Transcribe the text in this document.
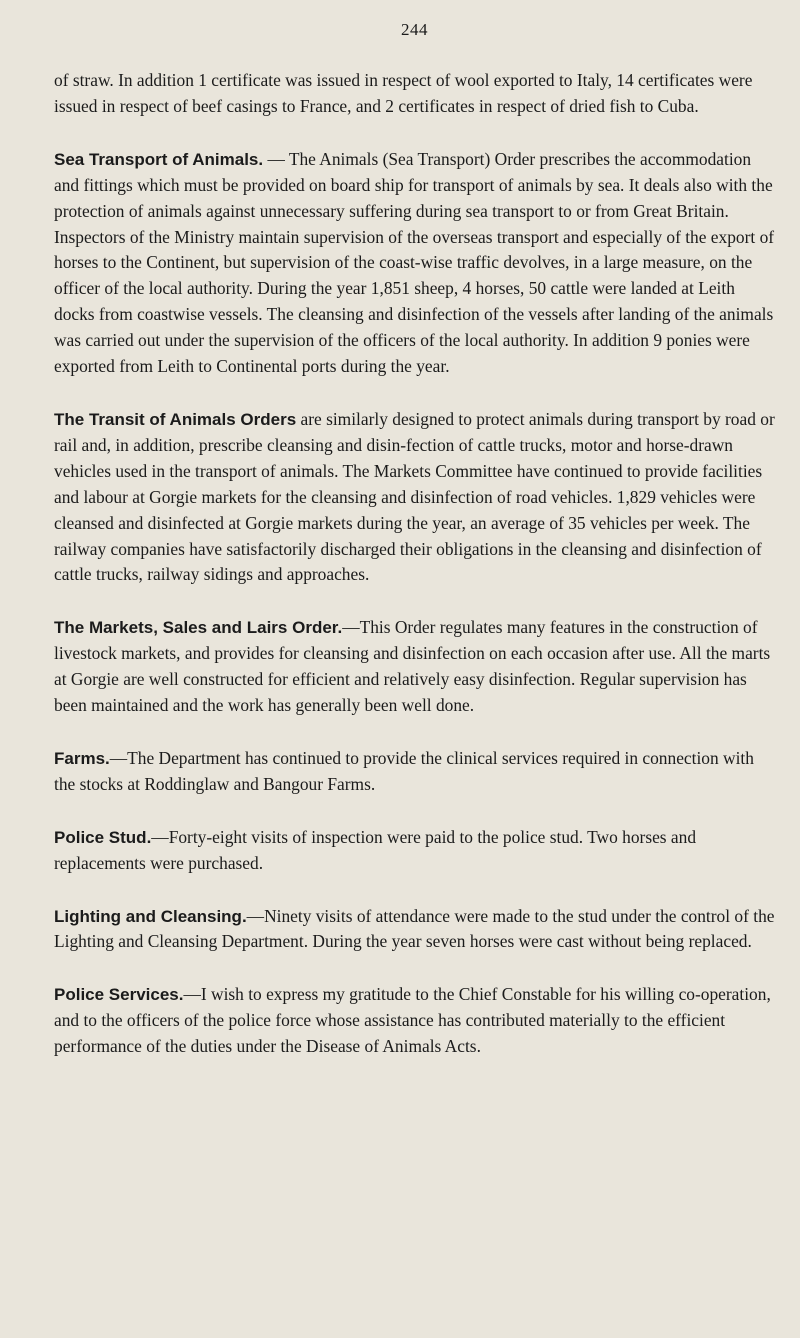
244

of straw. In addition 1 certificate was issued in respect of wool exported to Italy, 14 certificates were issued in respect of beef casings to France, and 2 certificates in respect of dried fish to Cuba.

Sea Transport of Animals. — The Animals (Sea Transport) Order prescribes the accommodation and fittings which must be provided on board ship for transport of animals by sea. It deals also with the protection of animals against unnecessary suffering during sea transport to or from Great Britain. Inspectors of the Ministry maintain supervision of the overseas transport and especially of the export of horses to the Continent, but supervision of the coast-wise traffic devolves, in a large measure, on the officer of the local authority. During the year 1,851 sheep, 4 horses, 50 cattle were landed at Leith docks from coastwise vessels. The cleansing and disinfection of the vessels after landing of the animals was carried out under the supervision of the officers of the local authority. In addition 9 ponies were exported from Leith to Continental ports during the year.

The Transit of Animals Orders are similarly designed to protect animals during transport by road or rail and, in addition, prescribe cleansing and disin-fection of cattle trucks, motor and horse-drawn vehicles used in the transport of animals. The Markets Committee have continued to provide facilities and labour at Gorgie markets for the cleansing and disinfection of road vehicles. 1,829 vehicles were cleansed and disinfected at Gorgie markets during the year, an average of 35 vehicles per week. The railway companies have satisfactorily discharged their obligations in the cleansing and disinfection of cattle trucks, railway sidings and approaches.

The Markets, Sales and Lairs Order.—This Order regulates many features in the construction of livestock markets, and provides for cleansing and disinfection on each occasion after use. All the marts at Gorgie are well constructed for efficient and relatively easy disinfection. Regular supervision has been maintained and the work has generally been well done.

Farms.—The Department has continued to provide the clinical services required in connection with the stocks at Roddinglaw and Bangour Farms.

Police Stud.—Forty-eight visits of inspection were paid to the police stud. Two horses and replacements were purchased.

Lighting and Cleansing.—Ninety visits of attendance were made to the stud under the control of the Lighting and Cleansing Department. During the year seven horses were cast without being replaced.

Police Services.—I wish to express my gratitude to the Chief Constable for his willing co-operation, and to the officers of the police force whose assistance has contributed materially to the efficient performance of the duties under the Disease of Animals Acts.
